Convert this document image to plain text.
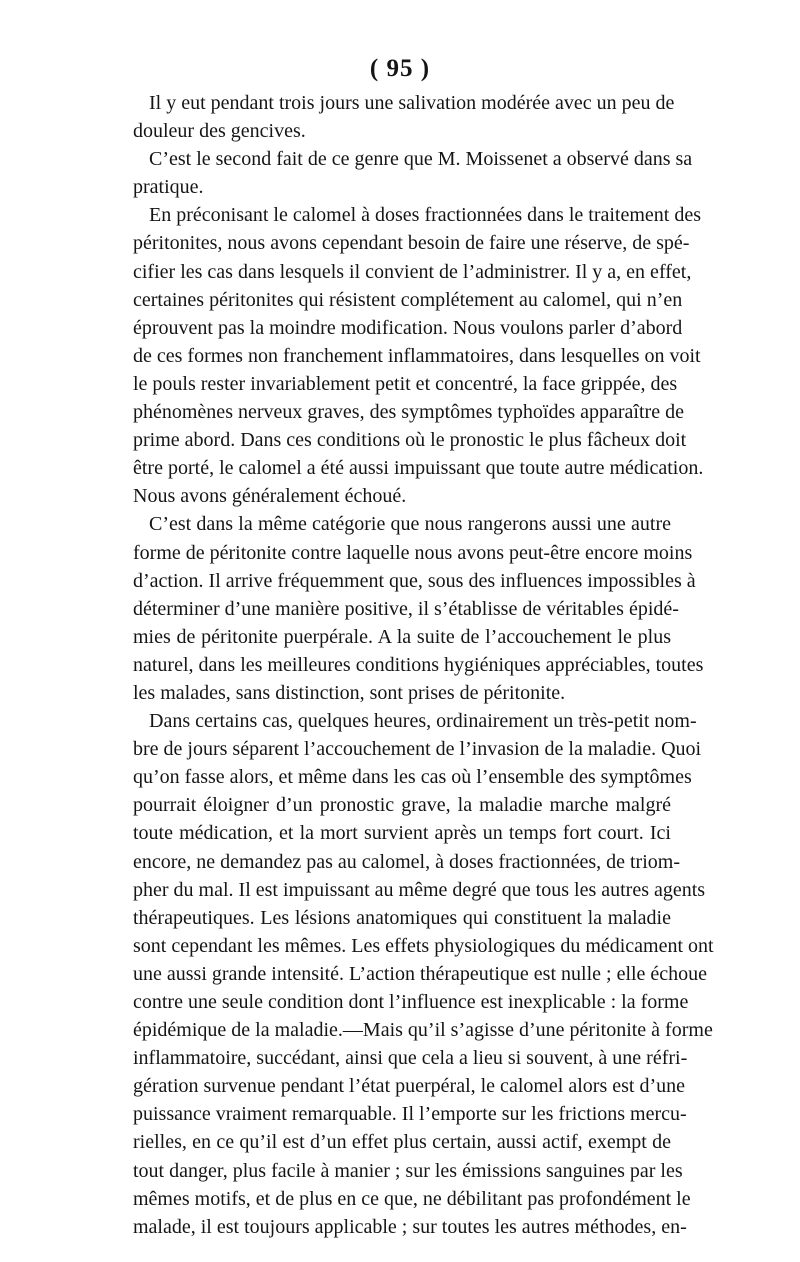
( 95 )
Il y eut pendant trois jours une salivation modérée avec un peu de
douleur des gencives.
C’est le second fait de ce genre que M. Moissenet a observé dans sa
pratique.
En préconisant le calomel à doses fractionnées dans le traitement des
péritonites, nous avons cependant besoin de faire une réserve, de spé-
cifier les cas dans lesquels il convient de l’administrer. Il y a, en effet,
certaines péritonites qui résistent complétement au calomel, qui n’en
éprouvent pas la moindre modification. Nous voulons parler d’abord
de ces formes non franchement inflammatoires, dans lesquelles on voit
le pouls rester invariablement petit et concentré, la face grippée, des
phénomènes nerveux graves, des symptômes typhoïdes apparaître de
prime abord. Dans ces conditions où le pronostic le plus fâcheux doit
être porté, le calomel a été aussi impuissant que toute autre médication.
Nous avons généralement échoué.
C’est dans la même catégorie que nous rangerons aussi une autre
forme de péritonite contre laquelle nous avons peut-être encore moins
d’action. Il arrive fréquemment que, sous des influences impossibles à
déterminer d’une manière positive, il s’établisse de véritables épidé-
mies de péritonite puerpérale. A la suite de l’accouchement le plus
naturel, dans les meilleures conditions hygiéniques appréciables, toutes
les malades, sans distinction, sont prises de péritonite.
Dans certains cas, quelques heures, ordinairement un très-petit nom-
bre de jours séparent l’accouchement de l’invasion de la maladie. Quoi
qu’on fasse alors, et même dans les cas où l’ensemble des symptômes
pourrait éloigner d’un pronostic grave, la maladie marche malgré
toute médication, et la mort survient après un temps fort court. Ici
encore, ne demandez pas au calomel, à doses fractionnées, de triom-
pher du mal. Il est impuissant au même degré que tous les autres agents
thérapeutiques. Les lésions anatomiques qui constituent la maladie
sont cependant les mêmes. Les effets physiologiques du médicament ont
une aussi grande intensité. L’action thérapeutique est nulle ; elle échoue
contre une seule condition dont l’influence est inexplicable : la forme
épidémique de la maladie.—Mais qu’il s’agisse d’une péritonite à forme
inflammatoire, succédant, ainsi que cela a lieu si souvent, à une réfri-
gération survenue pendant l’état puerpéral, le calomel alors est d’une
puissance vraiment remarquable. Il l’emporte sur les frictions mercu-
rielles, en ce qu’il est d’un effet plus certain, aussi actif, exempt de
tout danger, plus facile à manier ; sur les émissions sanguines par les
mêmes motifs, et de plus en ce que, ne débilitant pas profondément le
malade, il est toujours applicable ; sur toutes les autres méthodes, en-
